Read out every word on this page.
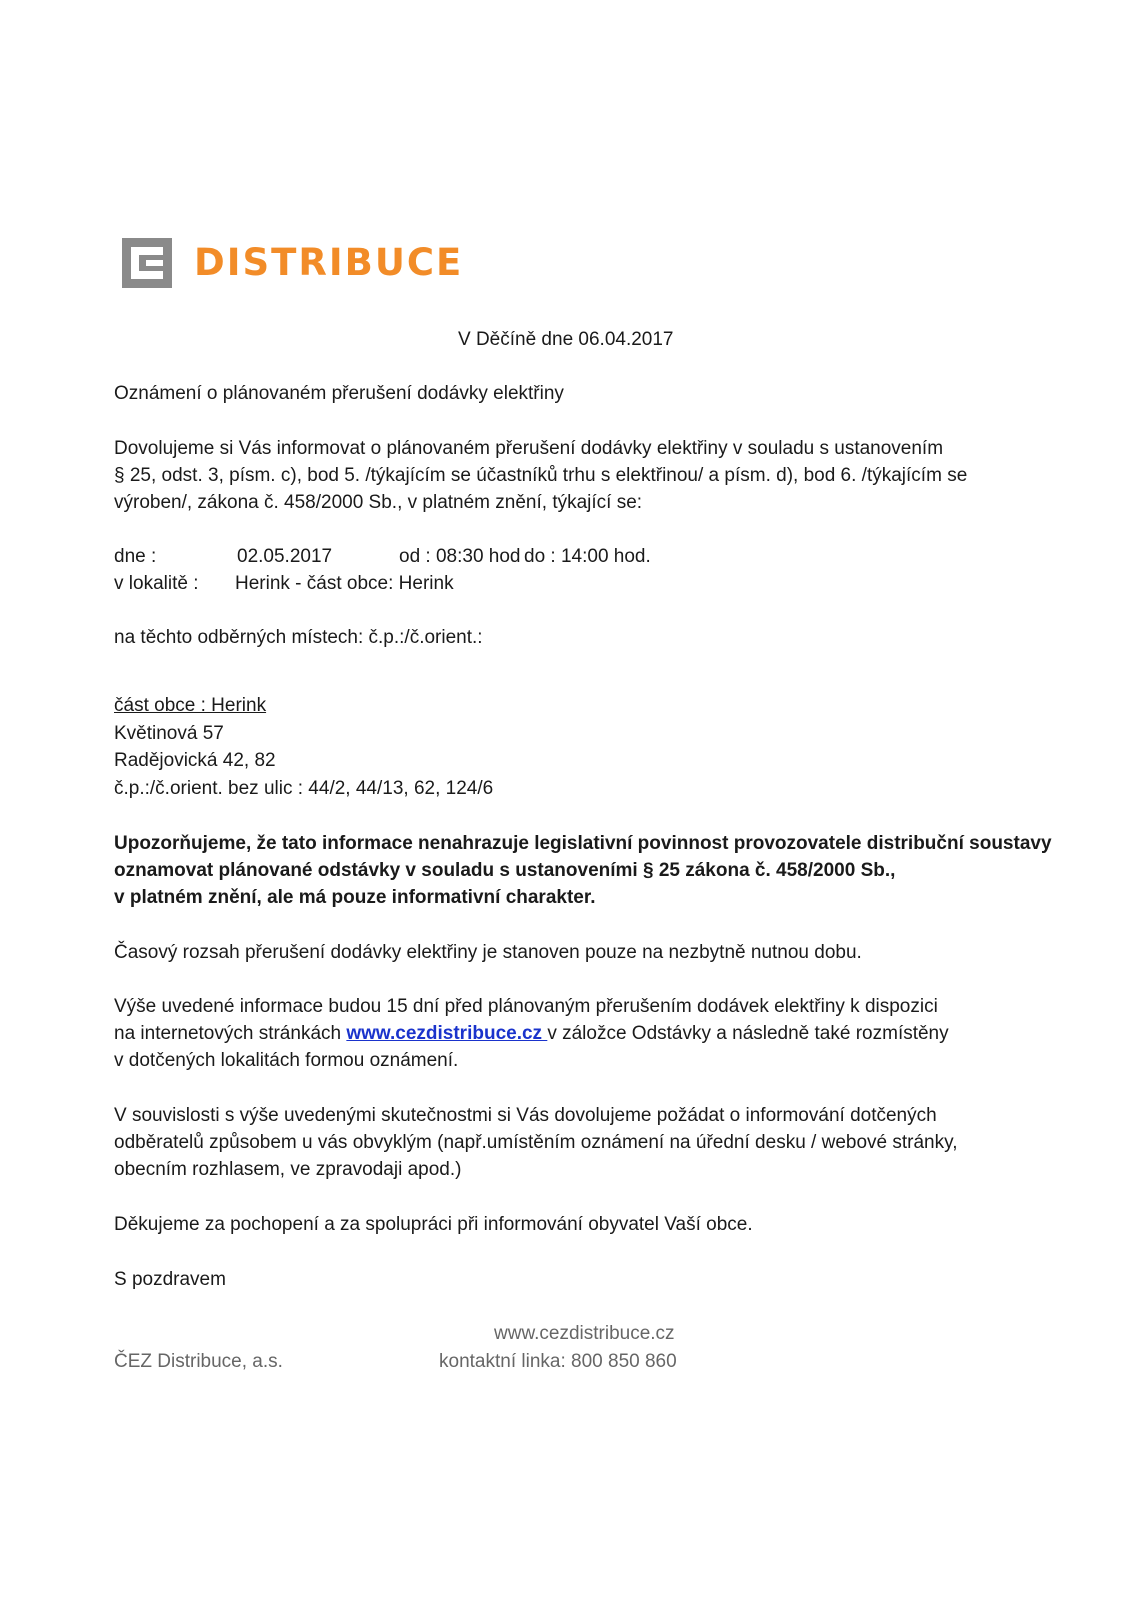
DISTRIBUCE
V Děčíně dne 06.04.2017
Oznámení o plánovaném přerušení dodávky elektřiny
Dovolujeme si Vás informovat o plánovaném přerušení dodávky elektřiny v souladu s ustanovením
§ 25, odst. 3, písm. c), bod 5. /týkajícím se účastníků trhu s elektřinou/ a písm. d), bod 6. /týkajícím se
výroben/, zákona č. 458/2000 Sb., v platném znění, týkající se:
dne :	02.05.2017	od : 08:30 hod do : 14:00 hod.
v lokalitě : Herink - část obce: Herink
na těchto odběrných místech: č.p.:/č.orient.:
část obce : Herink
Květinová 57
Radějovická 42, 82
č.p.:/č.orient. bez ulic : 44/2, 44/13, 62, 124/6
Upozorňujeme, že tato informace nenahrazuje legislativní povinnost provozovatele distribuční soustavy
oznamovat plánované odstávky v souladu s ustanoveními § 25 zákona č. 458/2000 Sb.,
v platném znění, ale má pouze informativní charakter.
Časový rozsah přerušení dodávky elektřiny je stanoven pouze na nezbytně nutnou dobu.
Výše uvedené informace budou 15 dní před plánovaným přerušením dodávek elektřiny k dispozici
na internetových stránkách www.cezdistribuce.cz v záložce Odstávky a následně také rozmístěny
v dotčených lokalitách formou oznámení.
V souvislosti s výše uvedenými skutečnostmi si Vás dovolujeme požádat o informování dotčených
odběratelů způsobem u vás obvyklým (např.umístěním oznámení na úřední desku / webové stránky,
obecním rozhlasem, ve zpravodaji apod.)
Děkujeme za pochopení a za spolupráci při informování obyvatel Vaší obce.
S pozdravem
www.cezdistribuce.cz
ČEZ Distribuce, a.s.	kontaktní linka: 800 850 860
